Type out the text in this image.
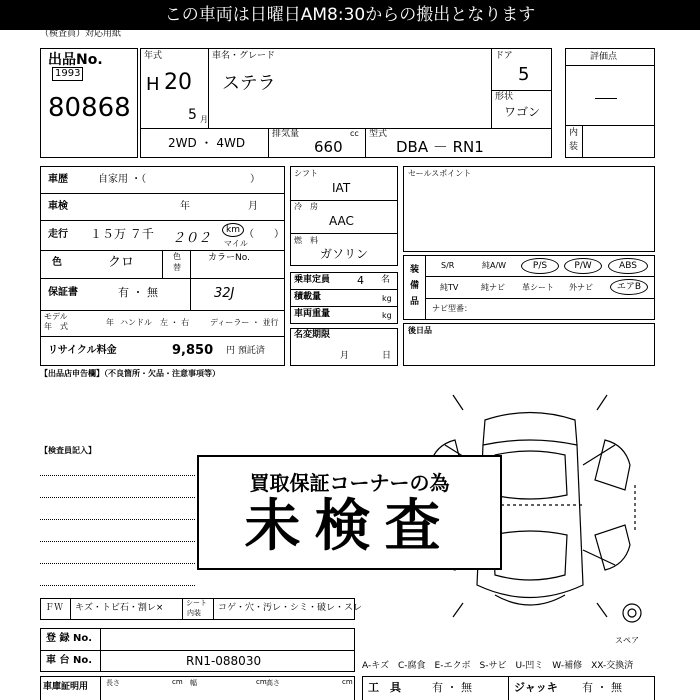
この車両は日曜日AM8:30からの搬出となります
（検査員）対応用紙
出品No.
1993
80868
年式
H 20
5 月
車名・グレード
ステラ
ドア
5
形状
ワゴン
2WD ・ 4WD
排気量	cc
660
型式
DBA － RN1
評価点
内
装
車歴	自家用 ・（	）
車検	年	月
走行 １５万 ７千 ２０２
km
マイル
（　　）
色	クロ	色
替
カラーNo.
保証書	有 ・ 無	32J
モデル
年　式	年 ハンドル　左 ・ 右	ディーラー ・ 並行
リサイクル料金	9,850 円 預託済
シフト
IAT
冷　房
AAC
燃　料
ガソリン
乗車定員 4 名
積載量	kg
車両重量	kg
名変期限
月	日
セールスポイント
装
備
品
S/R	純A/W	P/S	P/W	ABS
純TV	純ナビ 革シート 外ナビ	エアB
ナビ型番：
後日品
【出品店申告欄】（不良箇所・欠品・注意事項等）
【検査員記入】
スペア
買取保証コーナーの為
未検査
ＦＷ キズ・トビ石・割レ×	シート
内装 コゲ・穴・汚レ・シミ・破レ・スレ
登 録 No.
車 台 No.	RN1-088030
車庫証明用	長さ	cm 幅	cm 高さ	cm
A-キズ　C-腐食　E-エクボ　S-サビ　U-凹ミ　W-補修　XX-交換済
工　具	有 ・ 無	ジャッキ 有 ・ 無
